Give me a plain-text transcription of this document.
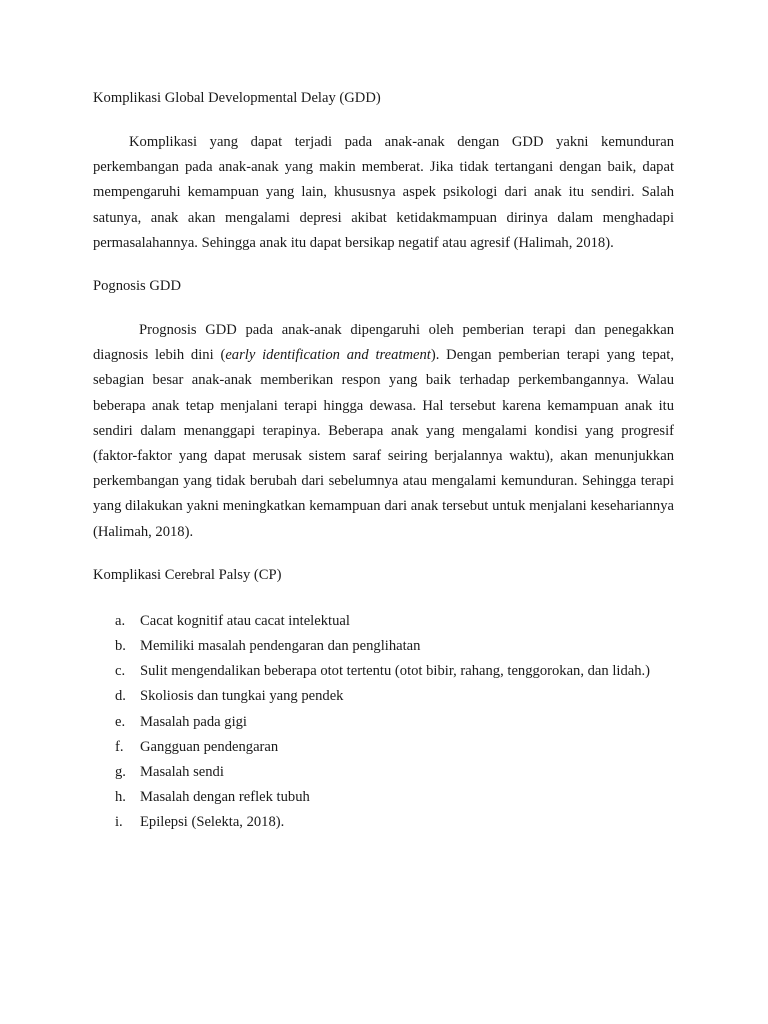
Komplikasi Global Developmental Delay (GDD)

Komplikasi yang dapat terjadi pada anak-anak dengan GDD yakni kemunduran perkembangan pada anak-anak yang makin memberat. Jika tidak tertangani dengan baik, dapat mempengaruhi kemampuan yang lain, khususnya aspek psikologi dari anak itu sendiri. Salah satunya, anak akan mengalami depresi akibat ketidakmampuan dirinya dalam menghadapi permasalahannya. Sehingga anak itu dapat bersikap negatif atau agresif (Halimah, 2018).

Pognosis GDD

Prognosis GDD pada anak-anak dipengaruhi oleh pemberian terapi dan penegakkan diagnosis lebih dini (early identification and treatment). Dengan pemberian terapi yang tepat, sebagian besar anak-anak memberikan respon yang baik terhadap perkembangannya. Walau beberapa anak tetap menjalani terapi hingga dewasa. Hal tersebut karena kemampuan anak itu sendiri dalam menanggapi terapinya. Beberapa anak yang mengalami kondisi yang progresif (faktor-faktor yang dapat merusak sistem saraf seiring berjalannya waktu), akan menunjukkan perkembangan yang tidak berubah dari sebelumnya atau mengalami kemunduran. Sehingga terapi yang dilakukan yakni meningkatkan kemampuan dari anak tersebut untuk menjalani kesehariannya (Halimah, 2018).

Komplikasi Cerebral Palsy (CP)
a.	Cacat kognitif atau cacat intelektual
b. Memiliki masalah pendengaran dan penglihatan
c.	Sulit mengendalikan beberapa otot tertentu (otot bibir, rahang, tenggorokan, dan lidah.)
d. Skoliosis dan tungkai yang pendek
e.	Masalah pada gigi
f.	Gangguan pendengaran
g. Masalah sendi
h. Masalah dengan reflek tubuh
i.	Epilepsi (Selekta, 2018).
